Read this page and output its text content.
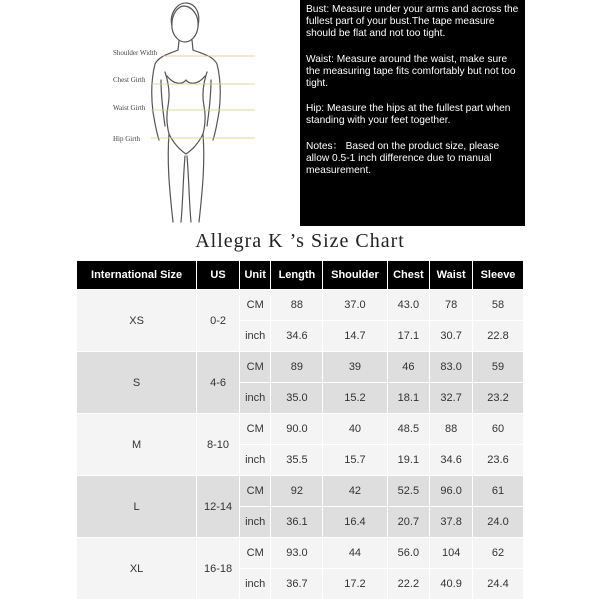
Shoulder Width
Chest Girth
Waist Girth
Hip Girth

Bust: Measure under your arms and across the fullest part of your bust.The tape measure should be flat and not too tight.

Waist: Measure around the waist, make sure the measuring tape fits comfortably but not too tight.

Hip: Measure the hips at the fullest part when standing with your feet together.

Notes： Based on the product size, please allow 0.5-1 inch difference due to manual measurement.

Allegra K ’s Size Chart
International Size	US	Unit	Length	Shoulder	Chest	Waist	Sleeve
XS	0-2	CM	88	37.0	43.0	78	58
		inch	34.6	14.7	17.1	30.7	22.8
S	4-6	CM	89	39	46	83.0	59
		inch	35.0	15.2	18.1	32.7	23.2
M	8-10	CM	90.0	40	48.5	88	60
		inch	35.5	15.7	19.1	34.6	23.6
L	12-14	CM	92	42	52.5	96.0	61
		inch	36.1	16.4	20.7	37.8	24.0
XL	16-18	CM	93.0	44	56.0	104	62
		inch	36.7	17.2	22.2	40.9	24.4
